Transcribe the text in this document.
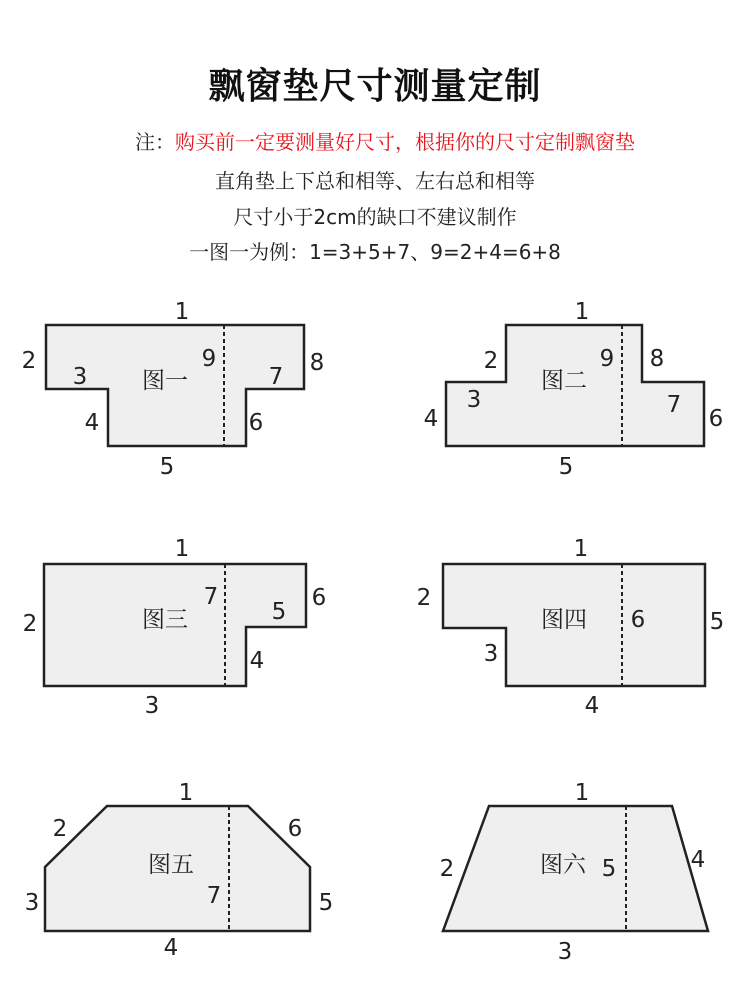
飘窗垫尺寸测量定制
注：购买前一定要测量好尺寸，根据你的尺寸定制飘窗垫
直角垫上下总和相等、左右总和相等
尺寸小于2cm的缺口不建议制作
一图一为例：1=3+5+7、9=2+4=6+8
1
2
3
4
5
6
7
8
9
图一
1
2
3
4
5
6
7
8
9
图二
1
2
3
4
5
6
7
图三
1
2
3
4
5
6
图四
1
2
3
4
5
6
7
图五
1
2
3
4
5
图六
